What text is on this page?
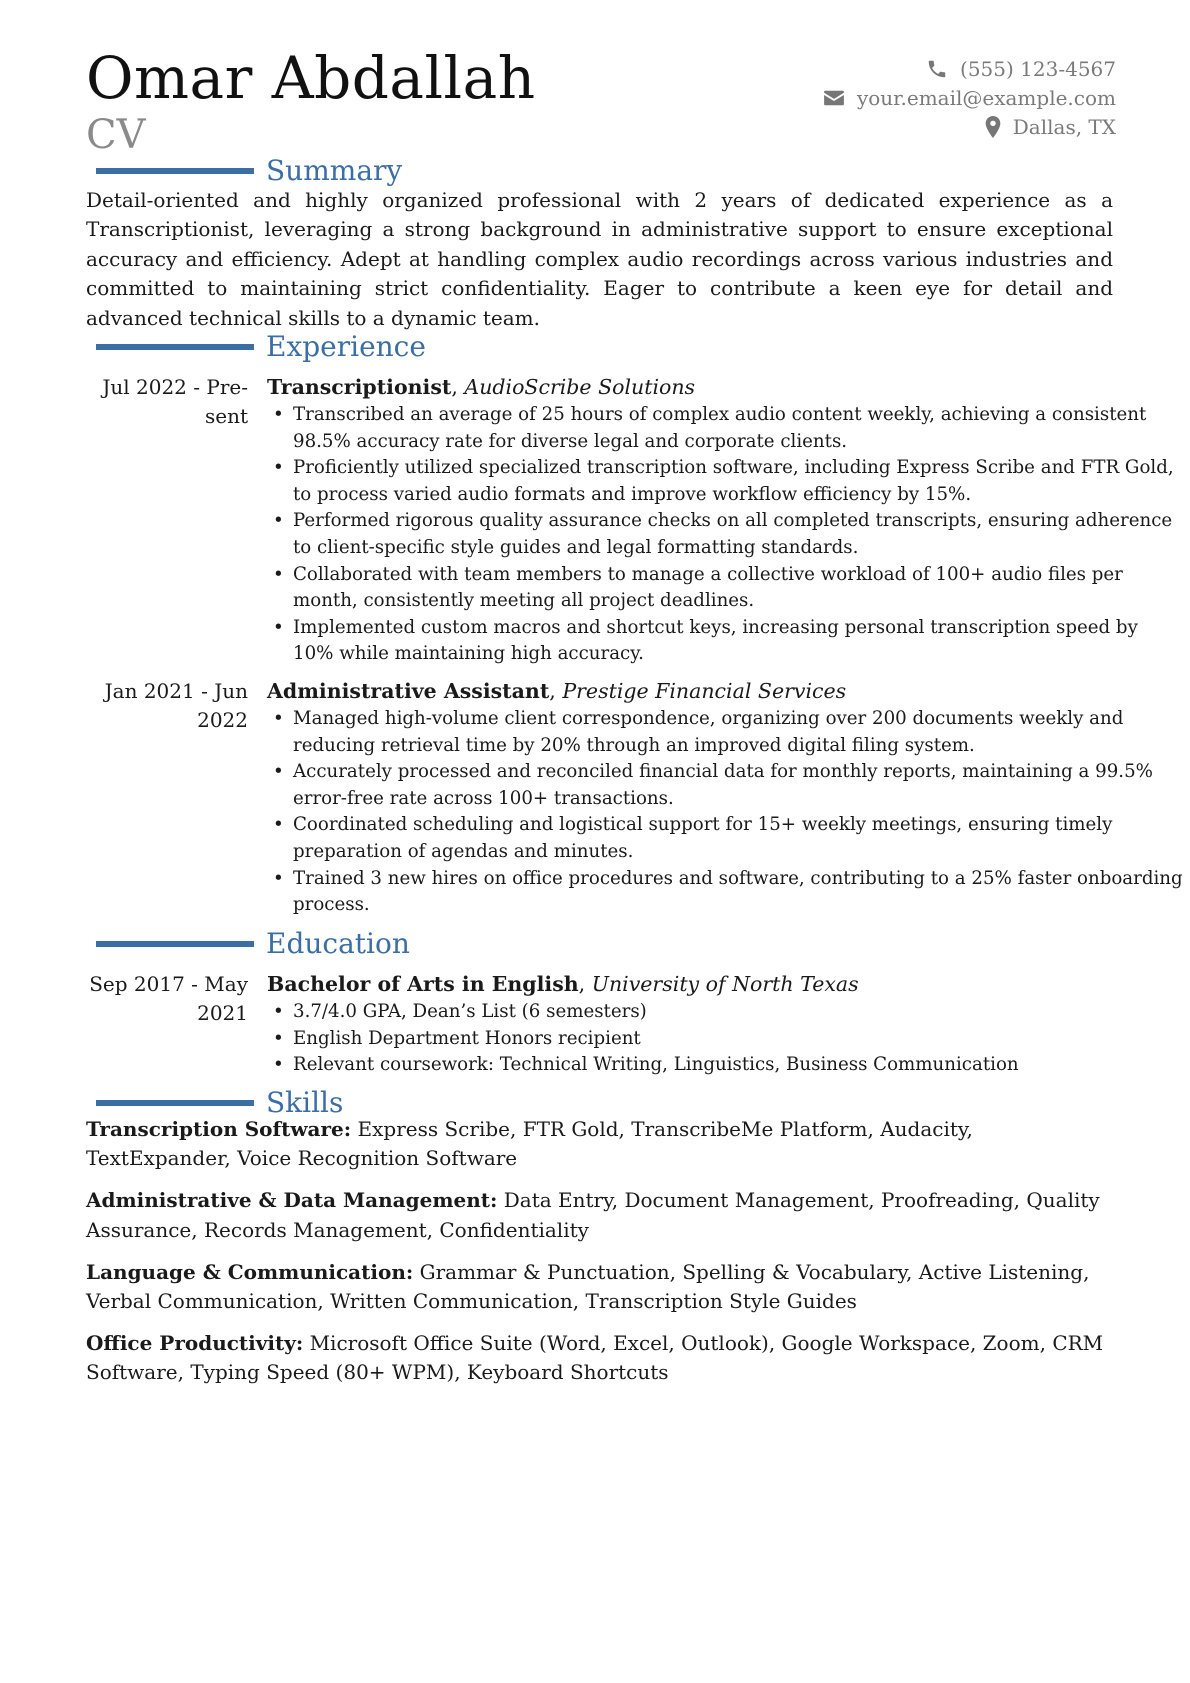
Omar Abdallah
CV
(555) 123-4567
your.email@example.com
Dallas, TX
Summary
Detail-oriented and highly organized professional with 2 years of dedicated experience as a Transcriptionist, leveraging a strong background in administrative support to ensure exceptional accuracy and efficiency. Adept at handling complex audio recordings across various industries and committed to maintaining strict confidentiality. Eager to contribute a keen eye for detail and advanced technical skills to a dynamic team.
Experience
Jul 2022 - Pre-
sent
Transcriptionist, AudioScribe Solutions
• Transcribed an average of 25 hours of complex audio content weekly, achieving a consistent 98.5% accuracy rate for diverse legal and corporate clients.
• Proficiently utilized specialized transcription software, including Express Scribe and FTR Gold, to process varied audio formats and improve workflow efficiency by 15%.
• Performed rigorous quality assurance checks on all completed transcripts, ensuring adherence to client-specific style guides and legal formatting standards.
• Collaborated with team members to manage a collective workload of 100+ audio files per month, consistently meeting all project deadlines.
• Implemented custom macros and shortcut keys, increasing personal transcription speed by 10% while maintaining high accuracy.
Jan 2021 - Jun
2022
Administrative Assistant, Prestige Financial Services
• Managed high-volume client correspondence, organizing over 200 documents weekly and reducing retrieval time by 20% through an improved digital filing system.
• Accurately processed and reconciled financial data for monthly reports, maintaining a 99.5% error-free rate across 100+ transactions.
• Coordinated scheduling and logistical support for 15+ weekly meetings, ensuring timely preparation of agendas and minutes.
• Trained 3 new hires on office procedures and software, contributing to a 25% faster onboarding process.
Education
Sep 2017 - May
2021
Bachelor of Arts in English, University of North Texas
• 3.7/4.0 GPA, Dean’s List (6 semesters)
• English Department Honors recipient
• Relevant coursework: Technical Writing, Linguistics, Business Communication
Skills
Transcription Software: Express Scribe, FTR Gold, TranscribeMe Platform, Audacity, TextExpander, Voice Recognition Software
Administrative & Data Management: Data Entry, Document Management, Proofreading, Quality Assurance, Records Management, Confidentiality
Language & Communication: Grammar & Punctuation, Spelling & Vocabulary, Active Listening, Verbal Communication, Written Communication, Transcription Style Guides
Office Productivity: Microsoft Office Suite (Word, Excel, Outlook), Google Workspace, Zoom, CRM Software, Typing Speed (80+ WPM), Keyboard Shortcuts
